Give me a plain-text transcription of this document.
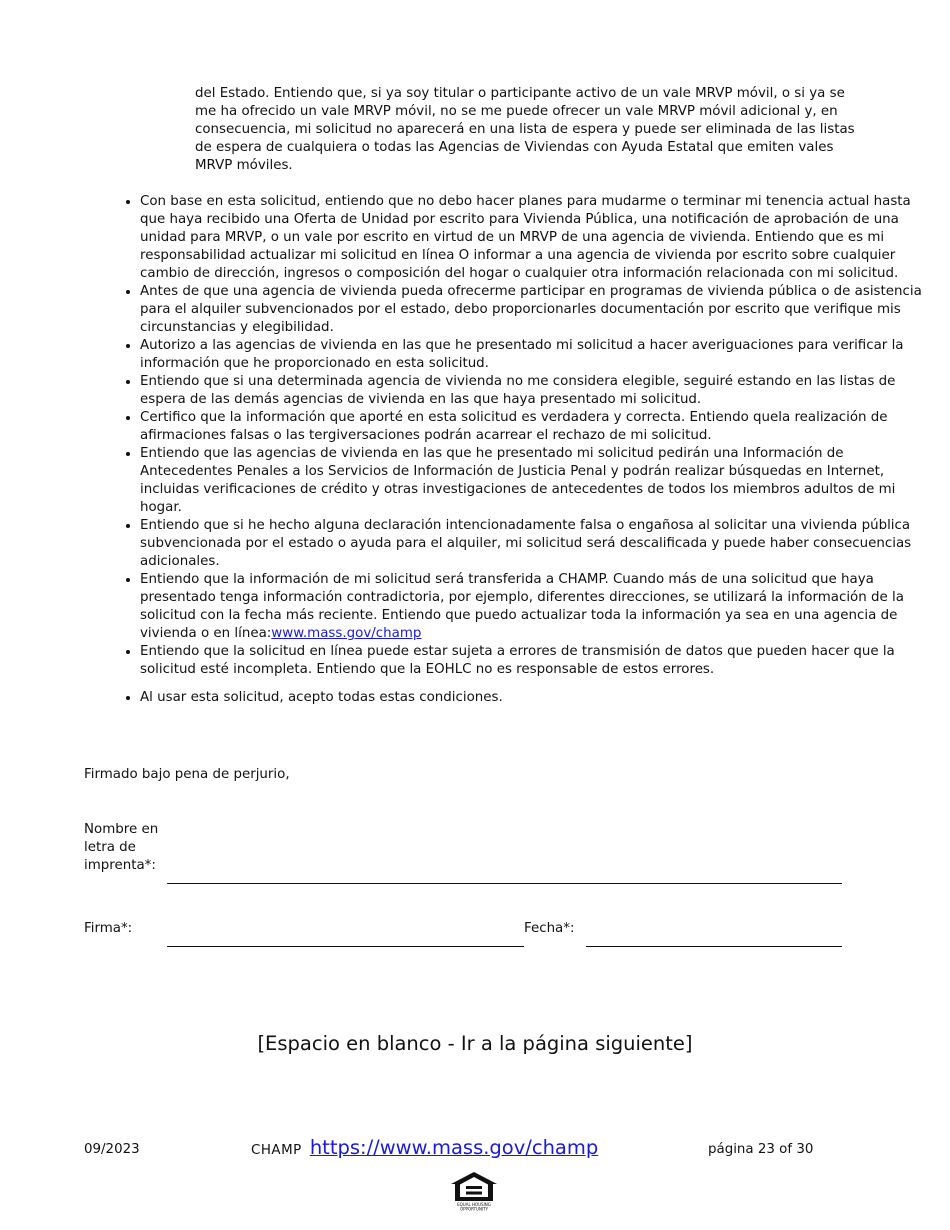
del Estado. Entiendo que, si ya soy titular o participante activo de un vale MRVP móvil, o si ya se me ha ofrecido un vale MRVP móvil, no se me puede ofrecer un vale MRVP móvil adicional y, en consecuencia, mi solicitud no aparecerá en una lista de espera y puede ser eliminada de las listas de espera de cualquiera o todas las Agencias de Viviendas con Ayuda Estatal que emiten vales MRVP móviles.

• Con base en esta solicitud, entiendo que no debo hacer planes para mudarme o terminar mi tenencia actual hasta que haya recibido una Oferta de Unidad por escrito para Vivienda Pública, una notificación de aprobación de una unidad para MRVP, o un vale por escrito en virtud de un MRVP de una agencia de vivienda. Entiendo que es mi responsabilidad actualizar mi solicitud en línea O informar a una agencia de vivienda por escrito sobre cualquier cambio de dirección, ingresos o composición del hogar o cualquier otra información relacionada con mi solicitud.
• Antes de que una agencia de vivienda pueda ofrecerme participar en programas de vivienda pública o de asistencia para el alquiler subvencionados por el estado, debo proporcionarles documentación por escrito que verifique mis circunstancias y elegibilidad.
• Autorizo a las agencias de vivienda en las que he presentado mi solicitud a hacer averiguaciones para verificar la información que he proporcionado en esta solicitud.
• Entiendo que si una determinada agencia de vivienda no me considera elegible, seguiré estando en las listas de espera de las demás agencias de vivienda en las que haya presentado mi solicitud.
• Certifico que la información que aporté en esta solicitud es verdadera y correcta. Entiendo quela realización de afirmaciones falsas o las tergiversaciones podrán acarrear el rechazo de mi solicitud.
• Entiendo que las agencias de vivienda en las que he presentado mi solicitud pedirán una Información de Antecedentes Penales a los Servicios de Información de Justicia Penal y podrán realizar búsquedas en Internet, incluidas verificaciones de crédito y otras investigaciones de antecedentes de todos los miembros adultos de mi hogar.
• Entiendo que si he hecho alguna declaración intencionadamente falsa o engañosa al solicitar una vivienda pública subvencionada por el estado o ayuda para el alquiler, mi solicitud será descalificada y puede haber consecuencias adicionales.
• Entiendo que la información de mi solicitud será transferida a CHAMP. Cuando más de una solicitud que haya presentado tenga información contradictoria, por ejemplo, diferentes direcciones, se utilizará la información de la solicitud con la fecha más reciente. Entiendo que puedo actualizar toda la información ya sea en una agencia de vivienda o en línea:www.mass.gov/champ
• Entiendo que la solicitud en línea puede estar sujeta a errores de transmisión de datos que pueden hacer que la solicitud esté incompleta. Entiendo que la EOHLC no es responsable de estos errores.
• Al usar esta solicitud, acepto todas estas condiciones.
Firmado bajo pena de perjurio,
Nombre en letra de imprenta*:
Firma*:	Fecha*:
[Espacio en blanco - Ir a la página siguiente]
09/2023	CHAMP https://www.mass.gov/champ	página 23 of 30
EQUAL HOUSING
OPPORTUNITY
